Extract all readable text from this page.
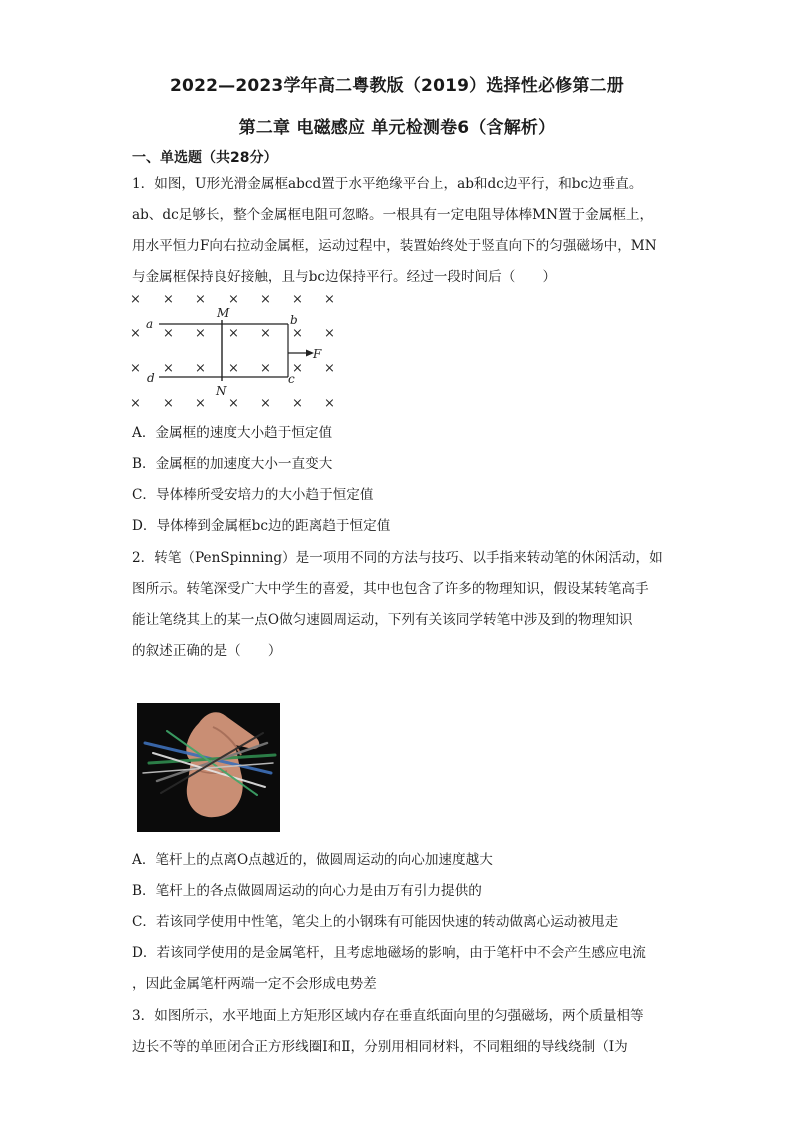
2022—2023学年高二粤教版（2019）选择性必修第二册
第二章 电磁感应 单元检测卷6（含解析）
一、单选题（共28分）
1．如图，U形光滑金属框abcd置于水平绝缘平台上，ab和dc边平行，和bc边垂直。
ab、dc足够长，整个金属框电阻可忽略。一根具有一定电阻导体棒MN置于金属框上，
用水平恒力F向右拉动金属框，运动过程中，装置始终处于竖直向下的匀强磁场中，MN
与金属框保持良好接触，且与bc边保持平行。经过一段时间后（　　）
× × × × × × ×
× × × × × × ×
× × × × × × ×
× × × × × × ×
a
d
b
c
M
N
F
A．金属框的速度大小趋于恒定值
B．金属框的加速度大小一直变大
C．导体棒所受安培力的大小趋于恒定值
D．导体棒到金属框bc边的距离趋于恒定值
2．转笔（PenSpinning）是一项用不同的方法与技巧、以手指来转动笔的休闲活动，如
图所示。转笔深受广大中学生的喜爱，其中也包含了许多的物理知识，假设某转笔高手
能让笔绕其上的某一点O做匀速圆周运动，下列有关该同学转笔中涉及到的物理知识
的叙述正确的是（　　）
A．笔杆上的点离O点越近的，做圆周运动的向心加速度越大
B．笔杆上的各点做圆周运动的向心力是由万有引力提供的
C．若该同学使用中性笔，笔尖上的小钢珠有可能因快速的转动做离心运动被甩走
D．若该同学使用的是金属笔杆，且考虑地磁场的影响，由于笔杆中不会产生感应电流
，因此金属笔杆两端一定不会形成电势差
3．如图所示，水平地面上方矩形区域内存在垂直纸面向里的匀强磁场，两个质量相等
边长不等的单匝闭合正方形线圈Ⅰ和Ⅱ，分别用相同材料，不同粗细的导线绕制（Ⅰ为
